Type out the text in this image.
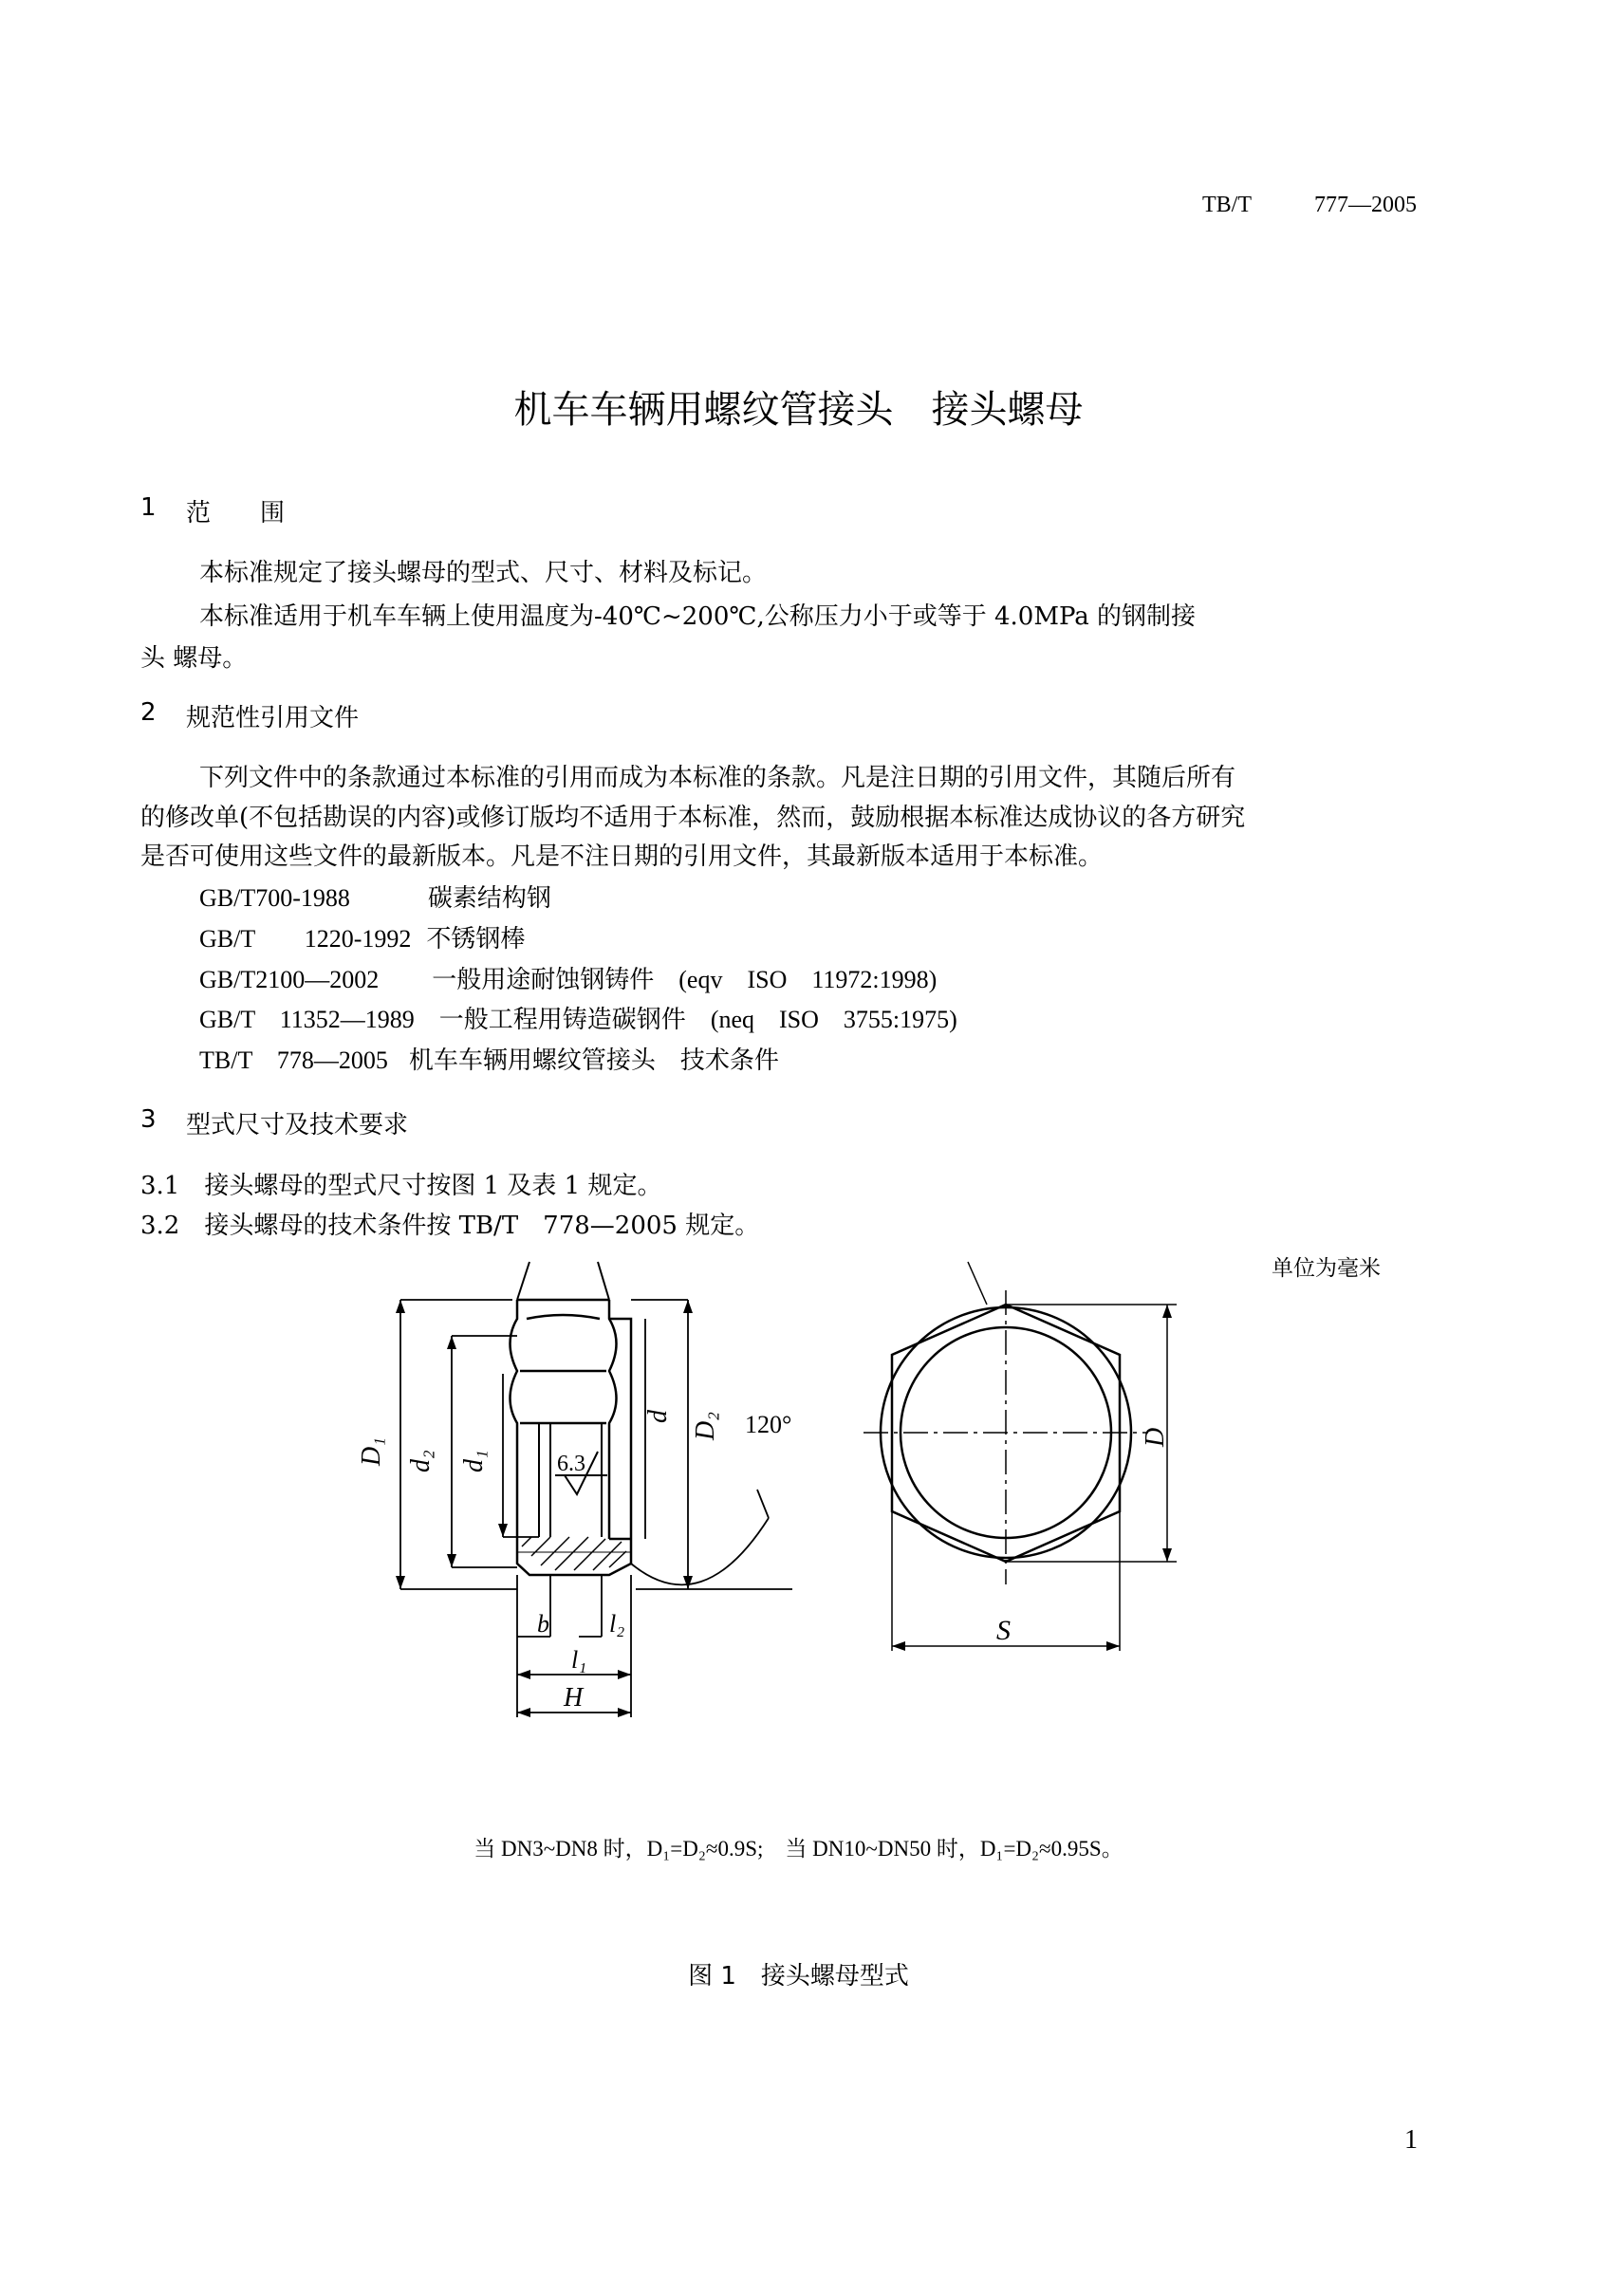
TB/T	777—2005
机车车辆用螺纹管接头　接头螺母
1 范　　围
本标准规定了接头螺母的型式、尺寸、材料及标记。
本标准适用于机车车辆上使用温度为-40℃~200℃,公称压力小于或等于 4.0MPa 的钢制接
头 螺母。
2 规范性引用文件
下列文件中的条款通过本标准的引用而成为本标准的条款。凡是注日期的引用文件，其随后所有
的修改单(不包括勘误的内容)或修订版均不适用于本标准，然而，鼓励根据本标准达成协议的各方研究
是否可使用这些文件的最新版本。凡是不注日期的引用文件，其最新版本适用于本标准。
GB/T700-1988	碳素结构钢
GB/T　　1220-1992 不锈钢棒
GB/T2100—2002 一般用途耐蚀钢铸件 (eqv　ISO　11972:1998)
GB/T　11352—1989 一般工程用铸造碳钢件 (neq　ISO　3755:1975)
TB/T　778—2005 机车车辆用螺纹管接头　技术条件
3 型式尺寸及技术要求
3.1　接头螺母的型式尺寸按图 1 及表 1 规定。
3.2　接头螺母的技术条件按 TB/T　778—2005 规定。
单位为毫米
6.3
D₁ d₂ d₁
d D₂ 120°
b l₂
l₁
H
D
S
当 DN3~DN8 时，D₁=D₂≈0.9S;　当 DN10~DN50 时，D₁=D₂≈0.95S。
图 1　接头螺母型式
1
